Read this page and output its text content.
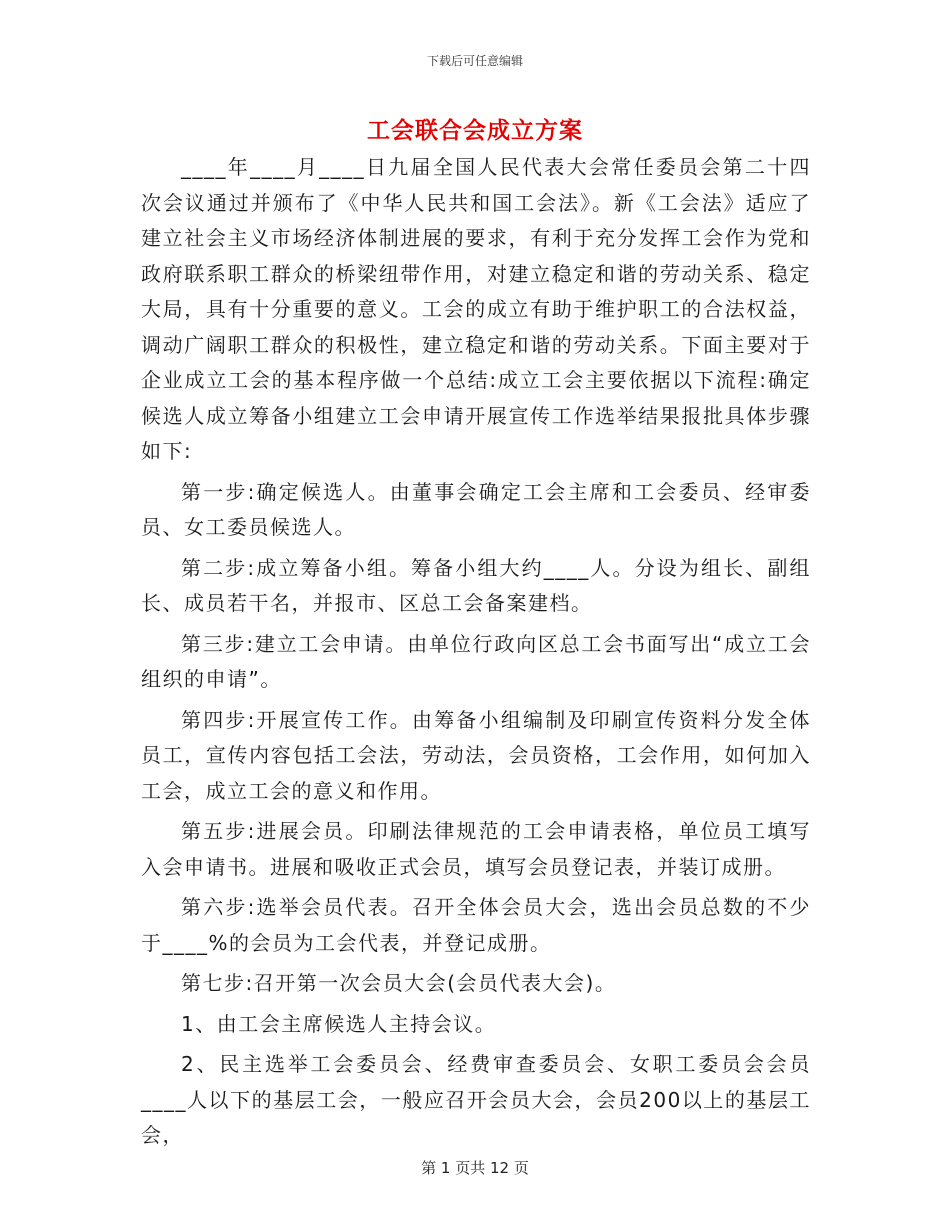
下载后可任意编辑
工会联合会成立方案

____年____月____日九届全国人民代表大会常任委员会第二十四次会议通过并颁布了《中华人民共和国工会法》。新《工会法》适应了建立社会主义市场经济体制进展的要求，有利于充分发挥工会作为党和政府联系职工群众的桥梁纽带作用，对建立稳定和谐的劳动关系、稳定大局，具有十分重要的意义。工会的成立有助于维护职工的合法权益，调动广阔职工群众的积极性，建立稳定和谐的劳动关系。下面主要对于企业成立工会的基本程序做一个总结:成立工会主要依据以下流程:确定候选人成立筹备小组建立工会申请开展宣传工作选举结果报批具体步骤如下:

第一步:确定候选人。由董事会确定工会主席和工会委员、经审委员、女工委员候选人。

第二步:成立筹备小组。筹备小组大约____人。分设为组长、副组长、成员若干名，并报市、区总工会备案建档。

第三步:建立工会申请。由单位行政向区总工会书面写出“成立工会组织的申请”。

第四步:开展宣传工作。由筹备小组编制及印刷宣传资料分发全体员工，宣传内容包括工会法，劳动法，会员资格，工会作用，如何加入工会，成立工会的意义和作用。

第五步:进展会员。印刷法律规范的工会申请表格，单位员工填写入会申请书。进展和吸收正式会员，填写会员登记表，并装订成册。

第六步:选举会员代表。召开全体会员大会，选出会员总数的不少于____%的会员为工会代表，并登记成册。

第七步:召开第一次会员大会(会员代表大会)。

1、由工会主席候选人主持会议。

2、民主选举工会委员会、经费审查委员会、女职工委员会会员____人以下的基层工会，一般应召开会员大会，会员200以上的基层工会，

第 1 页共 12 页
